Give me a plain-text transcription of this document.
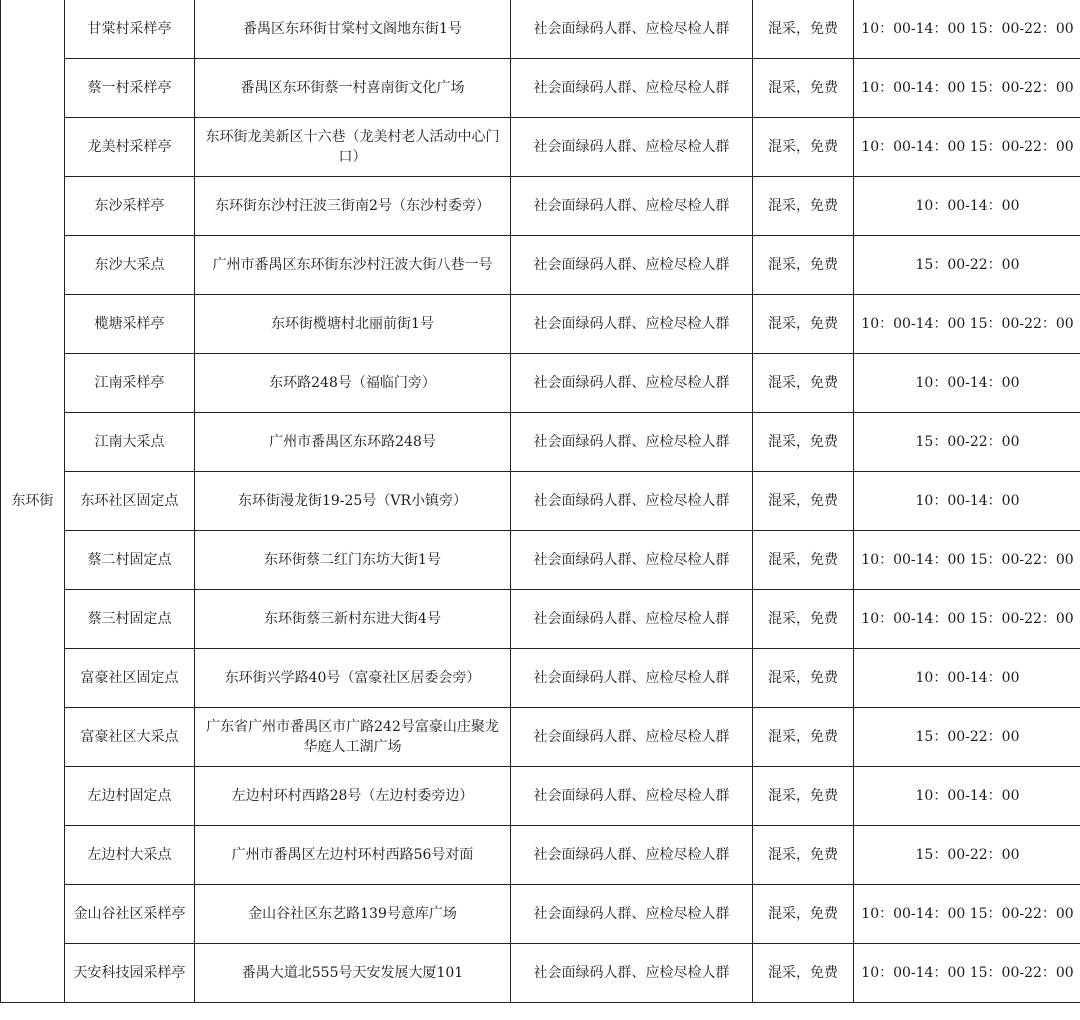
东环街	甘棠村采样亭	番禺区东环街甘棠村文阁地东街1号	社会面绿码人群、应检尽检人群	混采，免费	10：00-14：00 15：00-22：00
	蔡一村采样亭	番禺区东环街蔡一村喜南街文化广场	社会面绿码人群、应检尽检人群	混采，免费	10：00-14：00 15：00-22：00
	龙美村采样亭	东环街龙美新区十六巷（龙美村老人活动中心门口）	社会面绿码人群、应检尽检人群	混采，免费	10：00-14：00 15：00-22：00
	东沙采样亭	东环街东沙村汪波三街南2号（东沙村委旁）	社会面绿码人群、应检尽检人群	混采，免费	10：00-14：00
	东沙大采点	广州市番禺区东环街东沙村汪波大街八巷一号	社会面绿码人群、应检尽检人群	混采，免费	15：00-22：00
	榄塘采样亭	东环街榄塘村北丽前街1号	社会面绿码人群、应检尽检人群	混采，免费	10：00-14：00 15：00-22：00
	江南采样亭	东环路248号（福临门旁）	社会面绿码人群、应检尽检人群	混采，免费	10：00-14：00
	江南大采点	广州市番禺区东环路248号	社会面绿码人群、应检尽检人群	混采，免费	15：00-22：00
	东环社区固定点	东环街漫龙街19-25号（VR小镇旁）	社会面绿码人群、应检尽检人群	混采，免费	10：00-14：00
	蔡二村固定点	东环街蔡二红门东坊大街1号	社会面绿码人群、应检尽检人群	混采，免费	10：00-14：00 15：00-22：00
	蔡三村固定点	东环街蔡三新村东进大街4号	社会面绿码人群、应检尽检人群	混采，免费	10：00-14：00 15：00-22：00
	富豪社区固定点	东环街兴学路40号（富豪社区居委会旁）	社会面绿码人群、应检尽检人群	混采，免费	10：00-14：00
	富豪社区大采点	广东省广州市番禺区市广路242号富豪山庄聚龙华庭人工湖广场	社会面绿码人群、应检尽检人群	混采，免费	15：00-22：00
	左边村固定点	左边村环村西路28号（左边村委旁边）	社会面绿码人群、应检尽检人群	混采，免费	10：00-14：00
	左边村大采点	广州市番禺区左边村环村西路56号对面	社会面绿码人群、应检尽检人群	混采，免费	15：00-22：00
	金山谷社区采样亭	金山谷社区东艺路139号意库广场	社会面绿码人群、应检尽检人群	混采，免费	10：00-14：00 15：00-22：00
	天安科技园采样亭	番禺大道北555号天安发展大厦101	社会面绿码人群、应检尽检人群	混采，免费	10：00-14：00 15：00-22：00
